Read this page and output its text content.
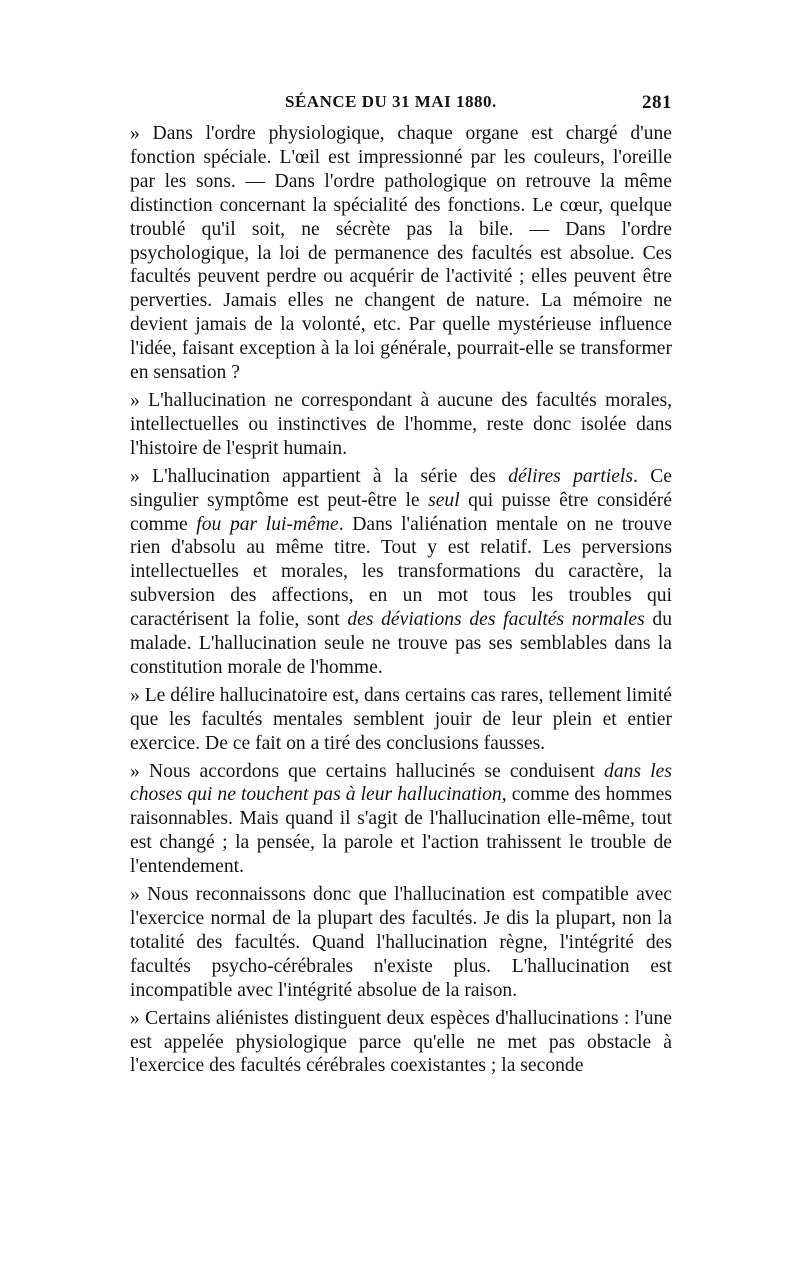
SÉANCE DU 31 MAI 1880.	281

» Dans l'ordre physiologique, chaque organe est chargé d'une fonction spéciale. L'œil est impressionné par les couleurs, l'oreille par les sons. — Dans l'ordre pathologique on retrouve la même distinction concernant la spécialité des fonctions. Le cœur, quelque troublé qu'il soit, ne sécrète pas la bile. — Dans l'ordre psychologique, la loi de permanence des facultés est absolue. Ces facultés peuvent perdre ou acquérir de l'activité ; elles peuvent être perverties. Jamais elles ne changent de nature. La mémoire ne devient jamais de la volonté, etc. Par quelle mystérieuse influence l'idée, faisant exception à la loi générale, pourrait-elle se transformer en sensation ?

» L'hallucination ne correspondant à aucune des facultés morales, intellectuelles ou instinctives de l'homme, reste donc isolée dans l'histoire de l'esprit humain.

» L'hallucination appartient à la série des délires partiels. Ce singulier symptôme est peut-être le seul qui puisse être considéré comme fou par lui-même. Dans l'aliénation mentale on ne trouve rien d'absolu au même titre. Tout y est relatif. Les perversions intellectuelles et morales, les transformations du caractère, la subversion des affections, en un mot tous les troubles qui caractérisent la folie, sont des déviations des facultés normales du malade. L'hallucination seule ne trouve pas ses semblables dans la constitution morale de l'homme.

» Le délire hallucinatoire est, dans certains cas rares, tellement limité que les facultés mentales semblent jouir de leur plein et entier exercice. De ce fait on a tiré des conclusions fausses.

» Nous accordons que certains hallucinés se conduisent dans les choses qui ne touchent pas à leur hallucination, comme des hommes raisonnables. Mais quand il s'agit de l'hallucination elle-même, tout est changé ; la pensée, la parole et l'action trahissent le trouble de l'entendement.

» Nous reconnaissons donc que l'hallucination est compatible avec l'exercice normal de la plupart des facultés. Je dis la plupart, non la totalité des facultés. Quand l'hallucination règne, l'intégrité des facultés psycho-cérébrales n'existe plus. L'hallucination est incompatible avec l'intégrité absolue de la raison.

» Certains aliénistes distinguent deux espèces d'hallucinations : l'une est appelée physiologique parce qu'elle ne met pas obstacle à l'exercice des facultés cérébrales coexistantes ; la seconde
